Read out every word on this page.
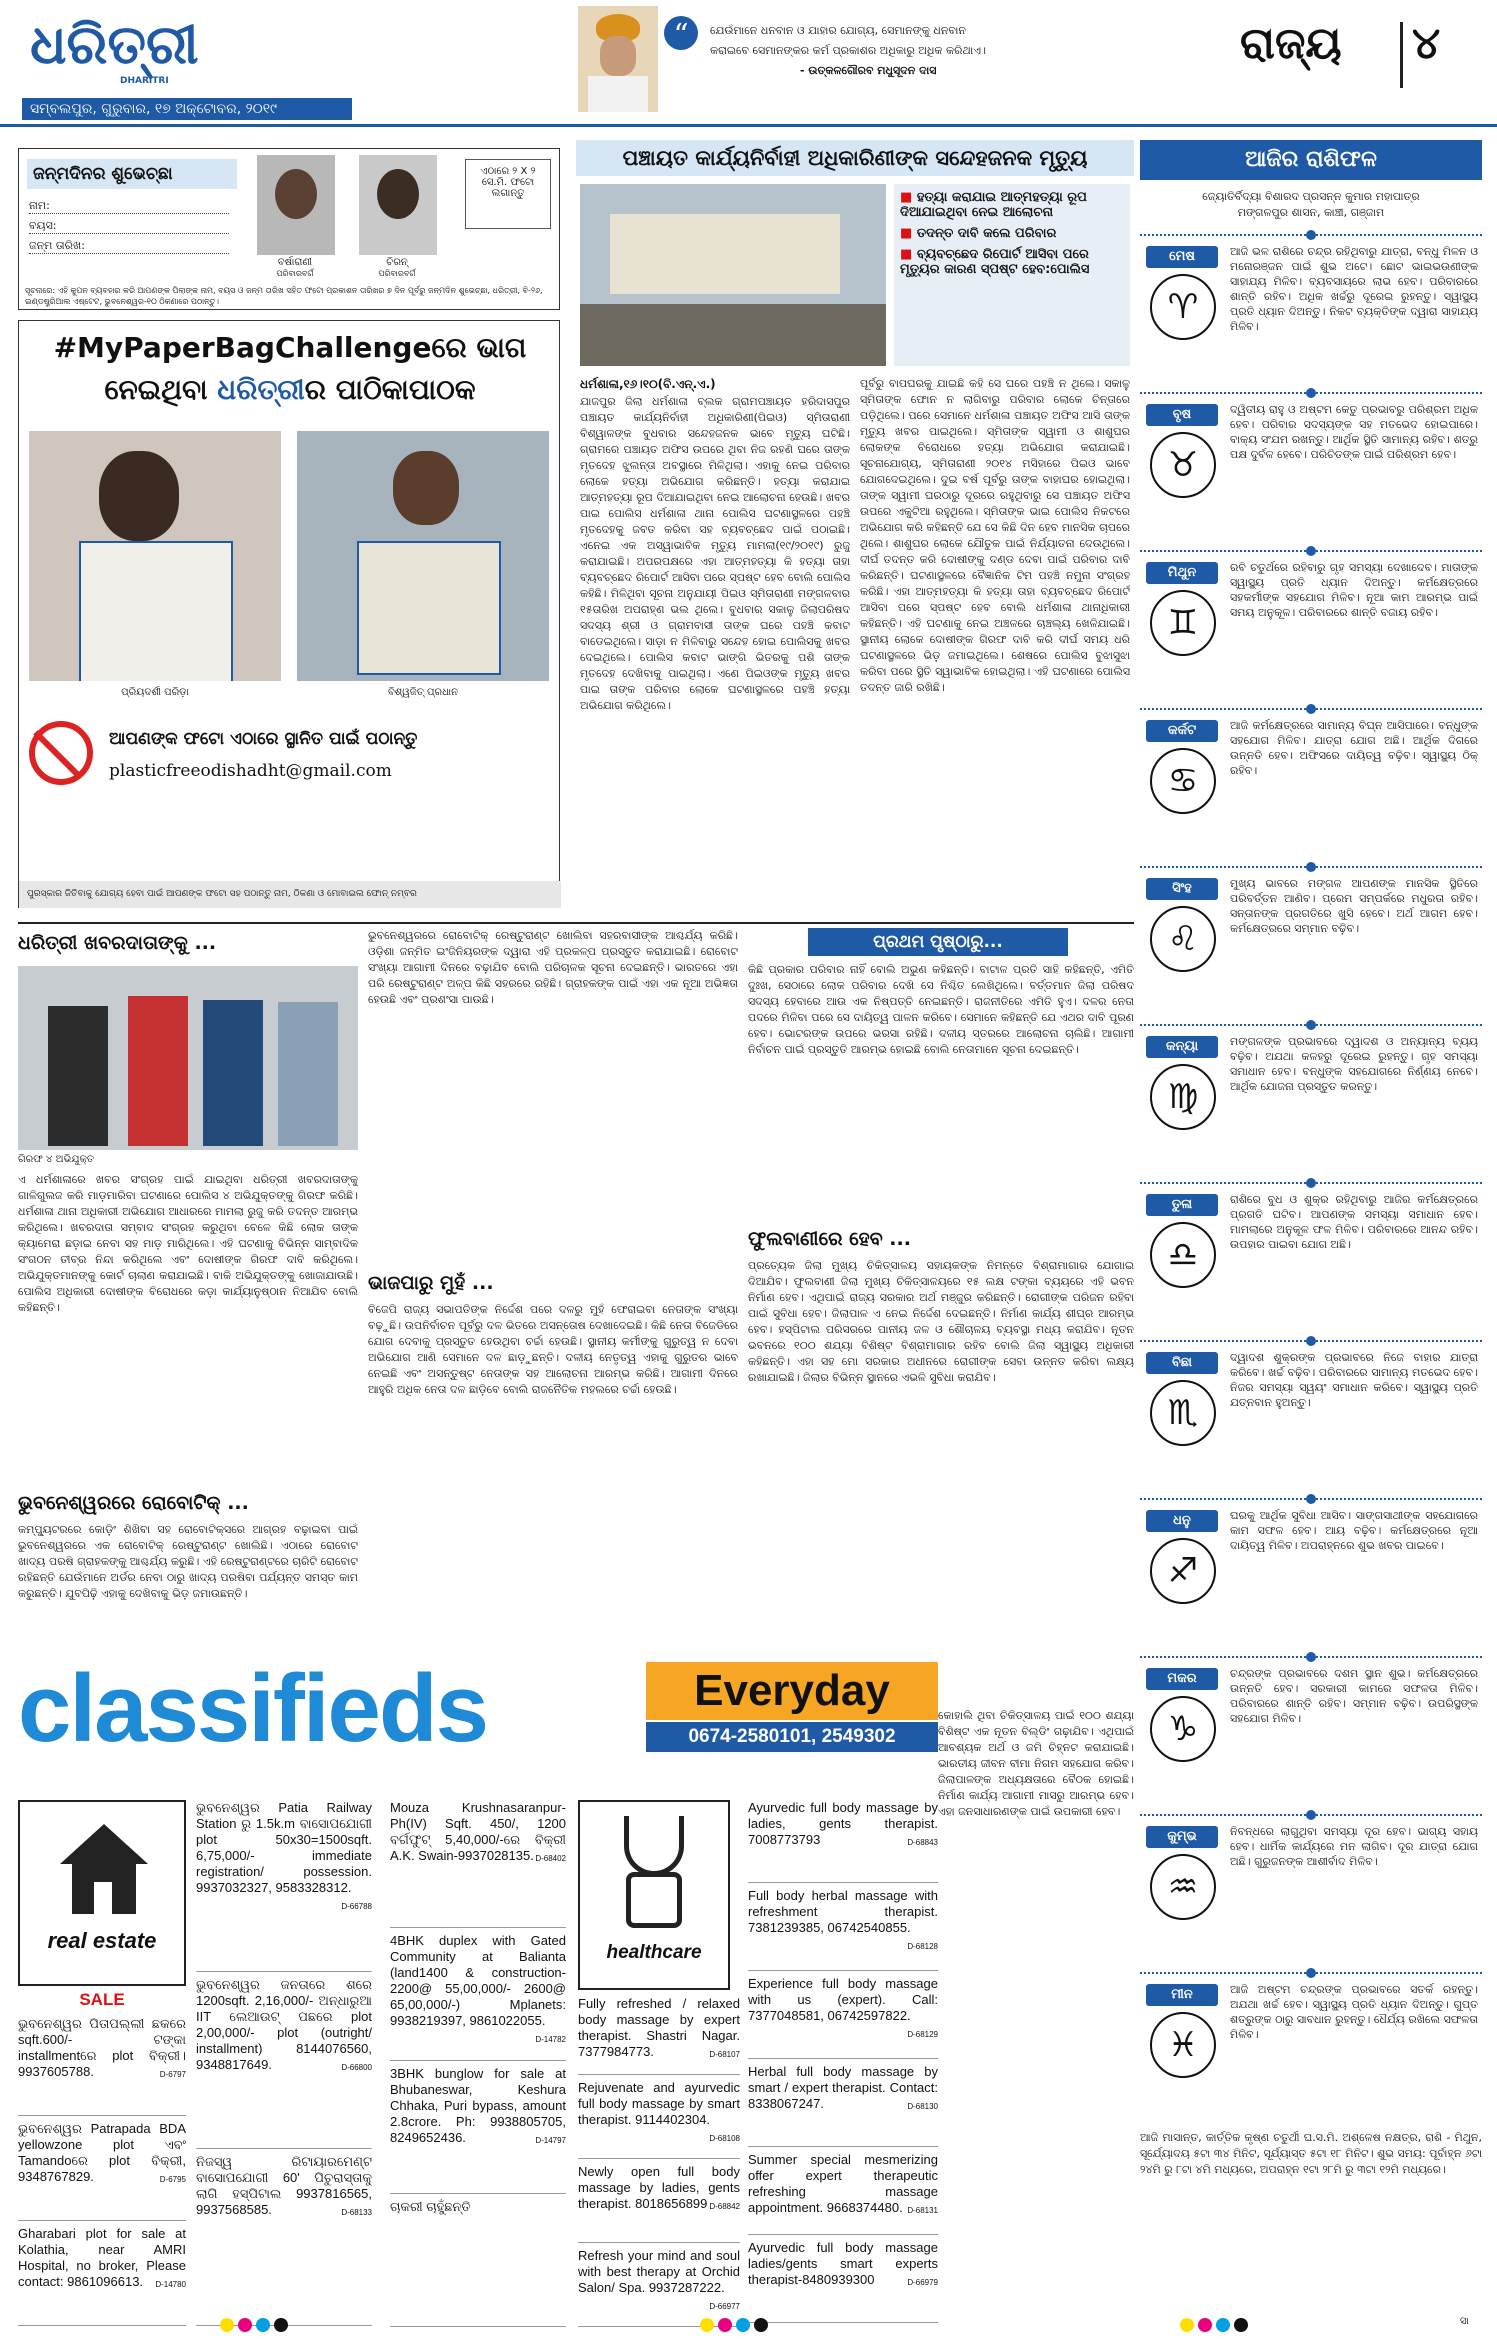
ଧରିତ୍ରୀ
DHARITRI
ସମ୍ବଲପୁର, ଗୁରୁବାର, ୧୭ ଅକ୍ଟୋବର, ୨୦୧୯
“	ଯେଉଁମାନେ ଧନବାନ ଓ ଯାହାର ଯୋଗ୍ୟ, ସେମାନଙ୍କୁ ଧନବାନ
କରାଇବେ ସେମାନଙ୍କର କର୍ମ ପ୍ରକାଶର ଅଧିକାରୁ ଅଧିକ କରିଥାଏ।
- ଉତ୍କଳଗୌରବ ମଧୁସୂଦନ ଦାସ
ରାଜ୍ୟ ୪
ଜନ୍ମଦିନର ଶୁଭେଚ୍ଛା
ନାମ:
ବୟସ:
ଜନ୍ମ ତାରିଖ:
ବର୍ଷାରାଣୀ
ପରିବାରବର୍ଗ
ଚିରନ୍
ପରିବାରବର୍ଗ
ଏଠାରେ ୨ X ୨ ସେ.ମି. ଫଟୋ ଲଗାନ୍ତୁ
ସୂଚନାରେ: ଏହି କୁପନ ବ୍ୟବହାର କରି ଆପଣଙ୍କ ପିଲାଙ୍କ ନାମ, ବୟସ ଓ ଜନ୍ମ ତାରିଖ ସହିତ ଫଟୋ ପ୍ରକାଶନ ତାରିଖର ୭ ଦିନ ପୂର୍ବରୁ ଜନ୍ମଦିନ ଶୁଭେଚ୍ଛା, ଧରିତ୍ରୀ, ବି-୨୬, ଇଣ୍ଡଷ୍ଟ୍ରିଆଲ ଏଷ୍ଟେଟ, ଭୁବନେଶ୍ୱର-୧୦ ଠିକଣାରେ ପଠାନ୍ତୁ।
#MyPaperBagChallengeରେ ଭାଗ
ନେଇଥିବା ଧରିତ୍ରୀର ପାଠିକାପାଠକ
ପ୍ରିୟଦର୍ଶୀ ପରିଡ଼ା	ବିଶ୍ୱଜିତ୍ ପ୍ରଧାନ
ଆପଣଙ୍କ ଫଟୋ ଏଠାରେ ସ୍ଥାନିତ ପାଇଁ ପଠାନ୍ତୁ
plasticfreeodishadht@gmail.com
ପୁରସ୍କାର ଜିତିବାକୁ ଯୋଗ୍ୟ ହେବା ପାଇଁ ଆପଣଙ୍କ ଫଟୋ ସହ ପଠାନ୍ତୁ ନାମ, ଠିକଣା ଓ ମୋବାଇଲ ଫୋନ୍ ନମ୍ବର
ପଞ୍ଚାୟତ କାର୍ଯ୍ୟନିର୍ବାହୀ ଅଧିକାରିଣୀଙ୍କ ସନ୍ଦେହଜନକ ମୃତ୍ୟୁ
■ ହତ୍ୟା କରାଯାଇ ଆତ୍ମହତ୍ୟା ରୂପ ଦିଆଯାଇଥିବା ନେଇ ଆଲୋଚନା
■ ତଦନ୍ତ ଦାବି କଲେ ପରିବାର
■ ବ୍ୟବଚ୍ଛେଦ ରିପୋର୍ଟ ଆସିବା ପରେ ମୃତ୍ୟୁର କାରଣ ସ୍ପଷ୍ଟ ହେବ:ପୋଲିସ
ଧର୍ମଶାଳା,୧୬।୧୦(ବି.ଏନ୍.ଏ.)
ଯାଜପୁର ଜିଲା ଧର୍ମଶାଳା ବ୍ଲକ ଗ୍ରାମପଞ୍ଚାୟତ ହରିଦାସପୁର ପଞ୍ଚାୟତ କାର୍ଯ୍ୟନିର୍ବାହୀ ଅଧିକାରିଣୀ(ପିଇଓ) ସ୍ମିତାରାଣୀ ବିଶ୍ୱାଳଙ୍କ ବୁଧବାର ସନ୍ଦେହଜନକ ଭାବେ ମୃତ୍ୟୁ ଘଟିଛି। ଗ୍ରାମରେ ପଞ୍ଚାୟତ ଅଫିସ ଉପରେ ଥିବା ନିଜ ରହଣି ଘରେ ତାଙ୍କ ମୃତଦେହ ଝୁଲନ୍ତା ଅବସ୍ଥାରେ ମିଳିଥିଲା। ଏହାକୁ ନେଇ ପରିବାର ଲୋକେ ହତ୍ୟା ଅଭିଯୋଗ କରିଛନ୍ତି। ହତ୍ୟା କରାଯାଇ ଆତ୍ମହତ୍ୟା ରୂପ ଦିଆଯାଇଥିବା ନେଇ ଆଲୋଚନା ହେଉଛି। ଖବର ପାଇ ପୋଲିସ ଧର୍ମଶାଳା ଥାନା ପୋଲିସ ଘଟଣାସ୍ଥଳରେ ପହଞ୍ଚି ମୃତଦେହକୁ ଜବତ କରିବା ସହ ବ୍ୟବଚ୍ଛେଦ ପାଇଁ ପଠାଇଛି। ଏନେଇ ଏକ ଅସ୍ୱାଭାବିକ ମୃତ୍ୟୁ ମାମଲା(୧୯/୨୦୧୯) ରୁଜୁ କରାଯାଇଛି। ଅପରପକ୍ଷରେ ଏହା ଆତ୍ମହତ୍ୟା କି ହତ୍ୟା ତାହା ବ୍ୟବଚ୍ଛେଦ ରିପୋର୍ଟ ଆସିବା ପରେ ସ୍ପଷ୍ଟ ହେବ ବୋଲି ପୋଲିସ କହିଛି। ମିଳିଥିବା ସୂଚନା ଅନୁଯାୟୀ ପିଇଓ ସ୍ମିତାରାଣୀ ମଙ୍ଗଳବାର ୧୫ତାରିଖ ଅପରାହ୍ଣ ଭଲ ଥିଲେ। ବୁଧବାର ସକାଳୁ ଜିଲାପରିଷଦ ସଦସ୍ୟ ଶ୍ରୀ ଓ ଗ୍ରାମବାସୀ ତାଙ୍କ ଘରେ ପହଞ୍ଚି କବାଟ ବାଡେଇଥିଲେ। ସାଡ଼ା ନ ମିଳିବାରୁ ସନ୍ଦେହ ହୋଇ ପୋଲିସକୁ ଖବର ଦେଇଥିଲେ। ପୋଲିସ କବାଟ ଭାଙ୍ଗି ଭିତରକୁ ପଶି ତାଙ୍କ ମୃତଦେହ ଦେଖିବାକୁ ପାଇଥିଲା। ଏଣେ ପିଇଓଙ୍କ ମୃତ୍ୟୁ ଖବର ପାଇ ତାଙ୍କ ପରିବାର ଲୋକେ ଘଟଣାସ୍ଥଳରେ ପହଞ୍ଚି ହତ୍ୟା ଅଭିଯୋଗ କରିଥିଲେ।
ପୂର୍ବରୁ ବାପଘରକୁ ଯାଇଛି କହି ସେ ଘରେ ପହଞ୍ଚି ନ ଥିଲେ। ସକାଳୁ ସ୍ମିତାଙ୍କ ଫୋନ ନ ଲାଗିବାରୁ ପରିବାର ଲୋକେ ଚିନ୍ତାରେ ପଡ଼ିଥିଲେ। ପରେ ସେମାନେ ଧର୍ମଶାଳା ପଞ୍ଚାୟତ ଅଫିସ ଆସି ତାଙ୍କ ମୃତ୍ୟୁ ଖବର ପାଇଥିଲେ। ସ୍ମିତାଙ୍କ ସ୍ୱାମୀ ଓ ଶାଶୁଘର ଲୋକଙ୍କ ବିରୋଧରେ ହତ୍ୟା ଅଭିଯୋଗ କରାଯାଇଛି। ସୂଚନାଯୋଗ୍ୟ, ସ୍ମିତାରାଣୀ ୨୦୧୪ ମସିହାରେ ପିଇଓ ଭାବେ ଯୋଗଦେଇଥିଲେ। ଦୁଇ ବର୍ଷ ପୂର୍ବରୁ ତାଙ୍କ ବାହାଘର ହୋଇଥିଲା। ତାଙ୍କ ସ୍ୱାମୀ ଘରଠାରୁ ଦୂରରେ ରହୁଥିବାରୁ ସେ ପଞ୍ଚାୟତ ଅଫିସ ଉପରେ ଏକୁଟିଆ ରହୁଥିଲେ। ସ୍ମିତାଙ୍କ ଭାଇ ପୋଲିସ ନିକଟରେ ଅଭିଯୋଗ କରି କହିଛନ୍ତି ଯେ ସେ କିଛି ଦିନ ହେବ ମାନସିକ ଚାପରେ ଥିଲେ। ଶାଶୁଘର ଲୋକେ ଯୌତୁକ ପାଇଁ ନିର୍ଯ୍ୟାତନା ଦେଉଥିଲେ। ଦୀର୍ଘ ତଦନ୍ତ କରି ଦୋଷୀଙ୍କୁ ଦଣ୍ଡ ଦେବା ପାଇଁ ପରିବାର ଦାବି କରିଛନ୍ତି। ଘଟଣାସ୍ଥଳରେ ବୈଜ୍ଞାନିକ ଟିମ ପହଞ୍ଚି ନମୁନା ସଂଗ୍ରହ କରିଛି। ଏହା ଆତ୍ମହତ୍ୟା କି ହତ୍ୟା ତାହା ବ୍ୟବଚ୍ଛେଦ ରିପୋର୍ଟ ଆସିବା ପରେ ସ୍ପଷ୍ଟ ହେବ ବୋଲି ଧର୍ମଶାଳା ଥାନାଧିକାରୀ କହିଛନ୍ତି। ଏହି ଘଟଣାକୁ ନେଇ ଅଞ୍ଚଳରେ ଚାଞ୍ଚଲ୍ୟ ଖେଳିଯାଇଛି। ସ୍ଥାନୀୟ ଲୋକେ ଦୋଷୀଙ୍କ ଗିରଫ ଦାବି କରି ଦୀର୍ଘ ସମୟ ଧରି ଘଟଣାସ୍ଥଳରେ ଭିଡ଼ ଜମାଇଥିଲେ। ଶେଷରେ ପୋଲିସ ବୁଝାସୁଝା କରିବା ପରେ ସ୍ଥିତି ସ୍ୱାଭାବିକ ହୋଇଥିଲା। ଏହି ଘଟଣାରେ ପୋଲିସ ତଦନ୍ତ ଜାରି ରଖିଛି।
ଆଜିର ରାଶିଫଳ
ଜ୍ୟୋତିର୍ବିଦ୍ୟା ବିଶାରଦ ପ୍ରସନ୍ନ କୁମାର ମହାପାତ୍ର
ମଙ୍ଗଳପୁର ଶାସନ, କାଞ୍ଚୀ, ଗଞ୍ଜାମ
ମେଷ
♈
ଆଜି ଭଳ ରାଶିରେ ଚନ୍ଦ୍ର ରହିଥିବାରୁ ଯାତ୍ରା, ବନ୍ଧୁ ମିଳନ ଓ ମନୋରଞ୍ଜନ ପାଇଁ ଶୁଭ ଅଟେ। ଛୋଟ ଭାଇଭଉଣୀଙ୍କ ସାହାଯ୍ୟ ମିଳିବ। ବ୍ୟବସାୟରେ ଲାଭ ହେବ। ପରିବାରରେ ଶାନ୍ତି ରହିବ। ଅଧିକ ଖର୍ଚ୍ଚରୁ ଦୂରେଇ ରୁହନ୍ତୁ। ସ୍ୱାସ୍ଥ୍ୟ ପ୍ରତି ଧ୍ୟାନ ଦିଅନ୍ତୁ। ନିକଟ ବ୍ୟକ୍ତିଙ୍କ ଦ୍ୱାରା ସାହାଯ୍ୟ ମିଳିବ।
ବୃଷ
♉
ଦ୍ୱିତୀୟ ରାହୁ ଓ ଅଷ୍ଟମ କେତୁ ପ୍ରଭାବରୁ ପରିଶ୍ରମ ଅଧିକ ହେବ। ପରିବାର ସଦସ୍ୟଙ୍କ ସହ ମତଭେଦ ହୋଇପାରେ। ବାକ୍ୟ ସଂଯମ ରଖନ୍ତୁ। ଆର୍ଥିକ ସ୍ଥିତି ସାମାନ୍ୟ ରହିବ। ଶତ୍ରୁ ପକ୍ଷ ଦୁର୍ବଳ ହେବେ। ପରିଚିତଙ୍କ ପାଇଁ ପରିଶ୍ରମ ହେବ।
ମିଥୁନ
♊
ରବି ଚତୁର୍ଥରେ ରହିବାରୁ ଗୃହ ସମସ୍ୟା ଦେଖାଦେବ। ମାତାଙ୍କ ସ୍ୱାସ୍ଥ୍ୟ ପ୍ରତି ଧ୍ୟାନ ଦିଅନ୍ତୁ। କର୍ମକ୍ଷେତ୍ରରେ ସହକର୍ମୀଙ୍କ ସହଯୋଗ ମିଳିବ। ନୂଆ କାମ ଆରମ୍ଭ ପାଇଁ ସମୟ ଅନୁକୂଳ। ପରିବାରରେ ଶାନ୍ତି ବଜାୟ ରହିବ।
କର୍କଟ
♋
ଆଜି କର୍ମକ୍ଷେତ୍ରରେ ସାମାନ୍ୟ ବିଘ୍ନ ଆସିପାରେ। ବନ୍ଧୁଙ୍କ ସହଯୋଗ ମିଳିବ। ଯାତ୍ରା ଯୋଗ ଅଛି। ଆର୍ଥିକ ଦିଗରେ ଉନ୍ନତି ହେବ। ଅଫିସରେ ଦାୟିତ୍ୱ ବଢ଼ିବ। ସ୍ୱାସ୍ଥ୍ୟ ଠିକ୍ ରହିବ।
ସିଂହ
♌
ମୁଖ୍ୟ ଭାବରେ ମଙ୍ଗଳ ଆପଣଙ୍କ ମାନସିକ ସ୍ଥିତିରେ ପରିବର୍ତ୍ତନ ଆଣିବ। ପ୍ରେମ ସମ୍ପର୍କରେ ମଧୁରତା ରହିବ। ସନ୍ତାନଙ୍କ ପ୍ରଗତିରେ ଖୁସି ହେବେ। ଅର୍ଥ ଆଗମ ହେବ। କର୍ମକ୍ଷେତ୍ରରେ ସମ୍ମାନ ବଢ଼ିବ।
କନ୍ୟା
♍
ମଙ୍ଗଳଙ୍କ ପ୍ରଭାବରେ ଦ୍ୱାଦଶ ଓ ଅନ୍ୟାନ୍ୟ ବ୍ୟୟ ବଢ଼ିବ। ଅଯଥା କଳହରୁ ଦୂରେଇ ରୁହନ୍ତୁ। ଗୃହ ସମସ୍ୟା ସମାଧାନ ହେବ। ବନ୍ଧୁଙ୍କ ସହଯୋଗରେ ନିର୍ଣ୍ଣୟ ନେବେ। ଆର୍ଥିକ ଯୋଜନା ପ୍ରସ୍ତୁତ କରନ୍ତୁ।
ତୁଳା
♎
ରାଶିରେ ବୁଧ ଓ ଶୁକ୍ର ରହିଥିବାରୁ ଆଜିର କର୍ମକ୍ଷେତ୍ରରେ ପ୍ରଗତି ଘଟିବ। ଆପଣଙ୍କ ସମସ୍ୟା ସମାଧାନ ହେବ। ମାମଲାରେ ଅନୁକୂଳ ଫଳ ମିଳିବ। ପରିବାରରେ ଆନନ୍ଦ ରହିବ। ଉପହାର ପାଇବା ଯୋଗ ଅଛି।
ବିଛା
♏
ଦ୍ୱାଦଶ ଶୁକ୍ରଙ୍କ ପ୍ରଭାବରେ ନିଜେ ବାହାର ଯାତ୍ରା କରିବେ। ଖର୍ଚ୍ଚ ବଢ଼ିବ। ପରିବାରରେ ସାମାନ୍ୟ ମତଭେଦ ହେବ। ନିଜର ସମସ୍ୟା ସ୍ୱୟଂ ସମାଧାନ କରିବେ। ସ୍ୱାସ୍ଥ୍ୟ ପ୍ରତି ଯତ୍ନବାନ ହୁଅନ୍ତୁ।
ଧନୁ
♐
ଘରକୁ ଆର୍ଥିକ ସୁବିଧା ଆସିବ। ସାଙ୍ଗସାଥୀଙ୍କ ସହଯୋଗରେ କାମ ସଫଳ ହେବ। ଆୟ ବଢ଼ିବ। କର୍ମକ୍ଷେତ୍ରରେ ନୂଆ ଦାୟିତ୍ୱ ମିଳିବ। ଅପରାହ୍ନରେ ଶୁଭ ଖବର ପାଇବେ।
ମକର
♑
ଚନ୍ଦ୍ରଙ୍କ ପ୍ରଭାବରେ ଦଶମ ସ୍ଥାନ ଶୁଭ। କର୍ମକ୍ଷେତ୍ରରେ ଉନ୍ନତି ହେବ। ସରକାରୀ କାମରେ ସଫଳତା ମିଳିବ। ପରିବାରରେ ଶାନ୍ତି ରହିବ। ସମ୍ମାନ ବଢ଼ିବ। ଉପରିସ୍ଥଙ୍କ ସହଯୋଗ ମିଳିବ।
କୁମ୍ଭ
♒
ନିବନ୍ଧରେ ଲାଗୁଥିବା ସମସ୍ୟା ଦୂର ହେବ। ଭାଗ୍ୟ ସହାୟ ହେବ। ଧାର୍ମିକ କାର୍ଯ୍ୟରେ ମନ ଲାଗିବ। ଦୂର ଯାତ୍ରା ଯୋଗ ଅଛି। ଗୁରୁଜନଙ୍କ ଆଶୀର୍ବାଦ ମିଳିବ।
ମୀନ
♓
ଆଜି ଅଷ୍ଟମ ଚନ୍ଦ୍ରଙ୍କ ପ୍ରଭାବରେ ସତର୍କ ରହନ୍ତୁ। ଅଯଥା ଖର୍ଚ୍ଚ ହେବ। ସ୍ୱାସ୍ଥ୍ୟ ପ୍ରତି ଧ୍ୟାନ ଦିଅନ୍ତୁ। ଗୁପ୍ତ ଶତ୍ରୁଙ୍କ ଠାରୁ ସାବଧାନ ରୁହନ୍ତୁ। ଧୈର୍ଯ୍ୟ ରଖିଲେ ସଫଳତା ମିଳିବ।
ଆଜି ମାସାନ୍ତ, କାର୍ତ୍ତିକ କୃଷ୍ଣ ଚତୁର୍ଥୀ ଘ.ସ.ମି. ଅଶ୍ଳେଷ ନକ୍ଷତ୍ର, ରାଶି - ମିଥୁନ, ସୂର୍ଯ୍ୟୋଦୟ ୫ଟା ୩୪ ମିନିଟ, ସୂର୍ଯ୍ୟାସ୍ତ ୫ଟା ୧୮ ମିନିଟ। ଶୁଭ ସମୟ: ପୂର୍ବାହ୍ନ ୬ଟା ୨୪ମି ରୁ ୮ଟା ୪ମି ମଧ୍ୟରେ, ଅପରାହ୍ନ ୧ଟା ୨୮ମି ରୁ ୩ଟା ୧୨ମି ମଧ୍ୟରେ।
ଧରିତ୍ରୀ ଖବରଦାତାଙ୍କୁ ...
ଗିରଫ ୪ ଅଭିଯୁକ୍ତ
ଏ ଧର୍ମଶାଳାରେ ଖବର ସଂଗ୍ରହ ପାଇଁ ଯାଇଥିବା ଧରିତ୍ରୀ ଖବରଦାତାଙ୍କୁ ଗାଳିଗୁଲଜ କରି ମାଡ଼ମାରିବା ଘଟଣାରେ ପୋଲିସ ୪ ଅଭିଯୁକ୍ତଙ୍କୁ ଗିରଫ କରିଛି। ଧର୍ମଶାଳା ଥାନା ଅଧିକାରୀ ଅଭିଯୋଗ ଆଧାରରେ ମାମଲା ରୁଜୁ କରି ତଦନ୍ତ ଆରମ୍ଭ କରିଥିଲେ। ଖବରଦାତା ସମ୍ବାଦ ସଂଗ୍ରହ କରୁଥିବା ବେଳେ କିଛି ଲୋକ ତାଙ୍କ କ୍ୟାମେରା ଛଡ଼ାଇ ନେବା ସହ ମାଡ଼ ମାରିଥିଲେ। ଏହି ଘଟଣାକୁ ବିଭିନ୍ନ ସାମ୍ବାଦିକ ସଂଗଠନ ତୀବ୍ର ନିନ୍ଦା କରିଥିଲେ ଏବଂ ଦୋଷୀଙ୍କ ଗିରଫ ଦାବି କରିଥିଲେ। ଅଭିଯୁକ୍ତମାନଙ୍କୁ କୋର୍ଟ ଚାଲାଣ କରାଯାଇଛି। ବାକି ଅଭିଯୁକ୍ତଙ୍କୁ ଖୋଜାଯାଉଛି। ପୋଲିସ ଅଧିକାରୀ ଦୋଷୀଙ୍କ ବିରୋଧରେ କଡ଼ା କାର୍ଯ୍ୟାନୁଷ୍ଠାନ ନିଆଯିବ ବୋଲି କହିଛନ୍ତି।
ଭୁବନେଶ୍ୱରରେ ରୋବୋଟିକ୍ ...
କମ୍ପ୍ୟୁଟରରେ କୋଡ଼ିଂ ଶିଖିବା ସହ ରୋବୋଟିକ୍ସରେ ଆଗ୍ରହ ବଢ଼ାଇବା ପାଇଁ ଭୁବନେଶ୍ୱରରେ ଏକ ରୋବୋଟିକ୍ ରେଷ୍ଟୁରାଣ୍ଟ ଖୋଲିଛି। ଏଠାରେ ରୋବୋଟ ଖାଦ୍ୟ ପରଷି ଗ୍ରାହକଙ୍କୁ ଆଶ୍ଚର୍ଯ୍ୟ କରୁଛି। ଏହି ରେଷ୍ଟୁରାଣ୍ଟରେ ଚାରିଟି ରୋବୋଟ ରହିଛନ୍ତି ଯେଉଁମାନେ ଅର୍ଡର ନେବା ଠାରୁ ଖାଦ୍ୟ ପରଷିବା ପର୍ଯ୍ୟନ୍ତ ସମସ୍ତ କାମ କରୁଛନ୍ତି। ଯୁବପିଢ଼ି ଏହାକୁ ଦେଖିବାକୁ ଭିଡ଼ ଜମାଉଛନ୍ତି।
ଭୁବନେଶ୍ୱରରେ ରୋବୋଟିକ୍ ରେଷ୍ଟୁରାଣ୍ଟ ଖୋଲିବା ସହରବାସୀଙ୍କ ଆଶ୍ଚର୍ଯ୍ୟ କରିଛି। ଓଡ଼ିଶା ଜନ୍ମିତ ଇଂଜିନିୟରଙ୍କ ଦ୍ୱାରା ଏହି ପ୍ରକଳ୍ପ ପ୍ରସ୍ତୁତ କରାଯାଇଛି। ରୋବୋଟ ସଂଖ୍ୟା ଆଗାମୀ ଦିନରେ ବଢ଼ାଯିବ ବୋଲି ପରିଚାଳକ ସୂଚନା ଦେଇଛନ୍ତି। ଭାରତରେ ଏହା ପରି ରେଷ୍ଟୁରାଣ୍ଟ ଅଳ୍ପ କିଛି ସହରରେ ରହିଛି। ଗ୍ରାହକଙ୍କ ପାଇଁ ଏହା ଏକ ନୂଆ ଅଭିଜ୍ଞତା ହେଉଛି ଏବଂ ପ୍ରଶଂସା ପାଉଛି।
ଭାଜପାରୁ ମୁହଁ ...
ବିଜେପି ରାଜ୍ୟ ସଭାପତିଙ୍କ ନିର୍ଦ୍ଦେଶ ପରେ ଦଳରୁ ମୁହଁ ଫେରାଇବା ନେତାଙ୍କ ସଂଖ୍ୟା ବଢ଼ୁଛି। ଉପନିର୍ବାଚନ ପୂର୍ବରୁ ଦଳ ଭିତରେ ଅସନ୍ତୋଷ ଦେଖାଦେଇଛି। କିଛି ନେତା ବିଜେଡିରେ ଯୋଗ ଦେବାକୁ ପ୍ରସ୍ତୁତ ହେଉଥିବା ଚର୍ଚ୍ଚା ହେଉଛି। ସ୍ଥାନୀୟ କର୍ମୀଙ୍କୁ ଗୁରୁତ୍ୱ ନ ଦେବା ଅଭିଯୋଗ ଆଣି ସେମାନେ ଦଳ ଛାଡ଼ୁଛନ୍ତି। ଦଳୀୟ ନେତୃତ୍ୱ ଏହାକୁ ଗୁରୁତର ଭାବେ ନେଇଛି ଏବଂ ଅସନ୍ତୁଷ୍ଟ ନେତାଙ୍କ ସହ ଆଲୋଚନା ଆରମ୍ଭ କରିଛି। ଆଗାମୀ ଦିନରେ ଆହୁରି ଅଧିକ ନେତା ଦଳ ଛାଡ଼ିବେ ବୋଲି ରାଜନୈତିକ ମହଲରେ ଚର୍ଚ୍ଚା ହେଉଛି।
ପ୍ରଥମ ପୃଷ୍ଠାରୁ...
କିଛି ପ୍ରକାର ପରିବାର ନାହିଁ ବୋଲି ଅଭୁଣ କହିଛନ୍ତି। ବାଟାଳ ପ୍ରତି ସାହି କହିଛନ୍ତି, ଏମିତି ଦୁଃଖ, ସେଠାରେ ଲୋକ ପରିବାର ଦେଖି ସେ ନିଶ୍ଚିତ ଲେଖିଥିଲେ। ବର୍ତ୍ତମାନ ଜିଲା ପରିଷଦ ସଦସ୍ୟ ହେବାରେ ଆଉ ଏକ ନିଷ୍ପତ୍ତି ନେଇଛନ୍ତି। ରାଜନୀତିରେ ଏମିତି ହୁଏ। ଦଳର ନେତା ପଦରେ ମିଳିବା ପରେ ସେ ଦାୟିତ୍ୱ ପାଳନ କରିବେ। ସେମାନେ କହିଛନ୍ତି ଯେ ଏଥର ଦାବି ପୂରଣ ହେବ। ଭୋଟରଙ୍କ ଉପରେ ଭରସା ରହିଛି। ଦଳୀୟ ସ୍ତରରେ ଆଲୋଚନା ଚାଲିଛି। ଆଗାମୀ ନିର୍ବାଚନ ପାଇଁ ପ୍ରସ୍ତୁତି ଆରମ୍ଭ ହୋଇଛି ବୋଲି ନେତାମାନେ ସୂଚନା ଦେଇଛନ୍ତି।
ଫୁଲବାଣୀରେ ହେବ ...
ପ୍ରତ୍ୟେକ ଜିଲା ମୁଖ୍ୟ ଚିକିତ୍ସାଳୟ ସହାୟକଙ୍କ ନିମନ୍ତେ ବିଶ୍ରାମାଗାର ଯୋଗାଇ ଦିଆଯିବ। ଫୁଲବାଣୀ ଜିଲା ମୁଖ୍ୟ ଚିକିତ୍ସାଳୟରେ ୧୫ ଲକ୍ଷ ଟଙ୍କା ବ୍ୟୟରେ ଏହି ଭବନ ନିର୍ମାଣ ହେବ। ଏଥିପାଇଁ ରାଜ୍ୟ ସରକାର ଅର୍ଥ ମଞ୍ଜୁର କରିଛନ୍ତି। ରୋଗୀଙ୍କ ପରିଜନ ରହିବା ପାଇଁ ସୁବିଧା ହେବ। ଜିଲାପାଳ ଏ ନେଇ ନିର୍ଦ୍ଦେଶ ଦେଇଛନ୍ତି। ନିର୍ମାଣ କାର୍ଯ୍ୟ ଶୀଘ୍ର ଆରମ୍ଭ ହେବ। ହସ୍ପିଟାଲ ପରିସରରେ ପାନୀୟ ଜଳ ଓ ଶୌଚାଳୟ ବ୍ୟବସ୍ଥା ମଧ୍ୟ କରାଯିବ। ନୂତନ ଭବନରେ ୧୦୦ ଶଯ୍ୟା ବିଶିଷ୍ଟ ବିଶ୍ରାମାଗାର ରହିବ ବୋଲି ଜିଲା ସ୍ୱାସ୍ଥ୍ୟ ଅଧିକାରୀ କହିଛନ୍ତି। ଏହା ସହ ମୋ ସରକାର ଅଧୀନରେ ରୋଗୀଙ୍କ ସେବା ଉନ୍ନତ କରିବା ଲକ୍ଷ୍ୟ ରଖାଯାଇଛି। ଜିଲାର ବିଭିନ୍ନ ସ୍ଥାନରେ ଏଭଳି ସୁବିଧା କରାଯିବ।
କୋହାଲି ଥିବା ଚିକିତ୍ସାଳୟ ପାଇଁ ୧୦୦ ଶଯ୍ୟା ବିଶିଷ୍ଟ ଏକ ନୂତନ ବିଲ୍ଡିଂ ଗଢ଼ାଯିବ। ଏଥିପାଇଁ ଆବଶ୍ୟକ ଅର୍ଥ ଓ ଜମି ଚିହ୍ନଟ କରାଯାଇଛି। ଭାରତୀୟ ଜୀବନ ବୀମା ନିଗମ ସହଯୋଗ କରିବ। ଜିଲାପାଳଙ୍କ ଅଧ୍ୟକ୍ଷତାରେ ବୈଠକ ହୋଇଛି। ନିର୍ମାଣ କାର୍ଯ୍ୟ ଆଗାମୀ ମାସରୁ ଆରମ୍ଭ ହେବ। ଏହା ଜନସାଧାରଣଙ୍କ ପାଇଁ ଉପକାରୀ ହେବ।
classifieds	Everyday
0674-2580101, 2549302
real estate
SALE
healthcare
ଭୁବନେଶ୍ୱର ପିତାପଲ୍ଲୀ ଛକରେ sqft.600/- ଟଙ୍କା installmentରେ plot ବିକ୍ରୀ। 9937605788.	D-6797
ଭୁବନେଶ୍ୱର Patrapada BDA yellowzone plot ଏବଂ Tamandoରେ plot ବିକ୍ରୀ, 9348767829.	D-6795
Gharabari plot for sale at Kolathia, near AMRI Hospital, no broker, Please contact: 9861096613. D-14780
ଭୁବନେଶ୍ୱର Patia Railway Station ରୁ 1.5k.m ବାସୋପଯୋଗୀ plot 50x30=1500sqft. 6,75,000/- immediate registration/ possession. 9937032327, 9583328312.
D-66788
ଭୁବନେଶ୍ୱର ଜନତାରେ ଶରେ 1200sqft. 2,16,000/- ଅନ୍ଧାରୁଆ IIT ଲେଆଉଟ୍ ପଛରେ plot 2,00,000/- plot (outright/ installment) 8144076560, 9348817649.	D-66800
ନିଜସ୍ୱ ରିଟାୟାରମେଣ୍ଟ ବାସୋପଯୋଗୀ 60' ପିଚୁରାସ୍ତାକୁ ଲାଗି ହସ୍ପିଟାଲ 9937816565, 9937568585.	D-68133
Mouza Krushnasaranpur-Ph(IV) Sqft. 450/, 1200 ବର୍ଗଫୁଟ୍ 5,40,000/-ରେ ବିକ୍ରୀ A.K. Swain-9937028135. D-68402
4BHK duplex with Gated Community at Balianta (land1400 & construction-2200@ 55,00,000/- 2600@ 65,00,000/-) Mplanets: 9938219397, 9861022055.
D-14782
3BHK bunglow for sale at Bhubaneswar, Keshura Chhaka, Puri bypass, amount 2.8crore. Ph: 9938805705, 8249652436.	D-14797
ଚାକରୀ ଚାହୁଁଛନ୍ତି
Fully refreshed / relaxed body massage by expert therapist. Shastri Nagar. 7377984773.	D-68107
Rejuvenate and ayurvedic full body massage by smart therapist. 9114402304.
D-68108
Newly open full body massage by ladies, gents therapist. 8018656899 D-68842
Refresh your mind and soul with best therapy at Orchid Salon/ Spa. 9937287222.
D-66977
Ayurvedic full body massage by ladies, gents therapist. 7008773793	D-68843
Full body herbal massage with refreshment therapist. 7381239385, 06742540855.
D-68128
Experience full body massage with us (expert). Call: 7377048581, 06742597822.
D-68129
Herbal full body massage by smart / expert therapist. Contact: 8338067247.	D-68130
Summer special mesmerizing offer expert therapeutic refreshing massage appointment. 9668374480. D-68131
Ayurvedic full body massage ladies/gents smart experts therapist-8480939300	D-66979
ସା
